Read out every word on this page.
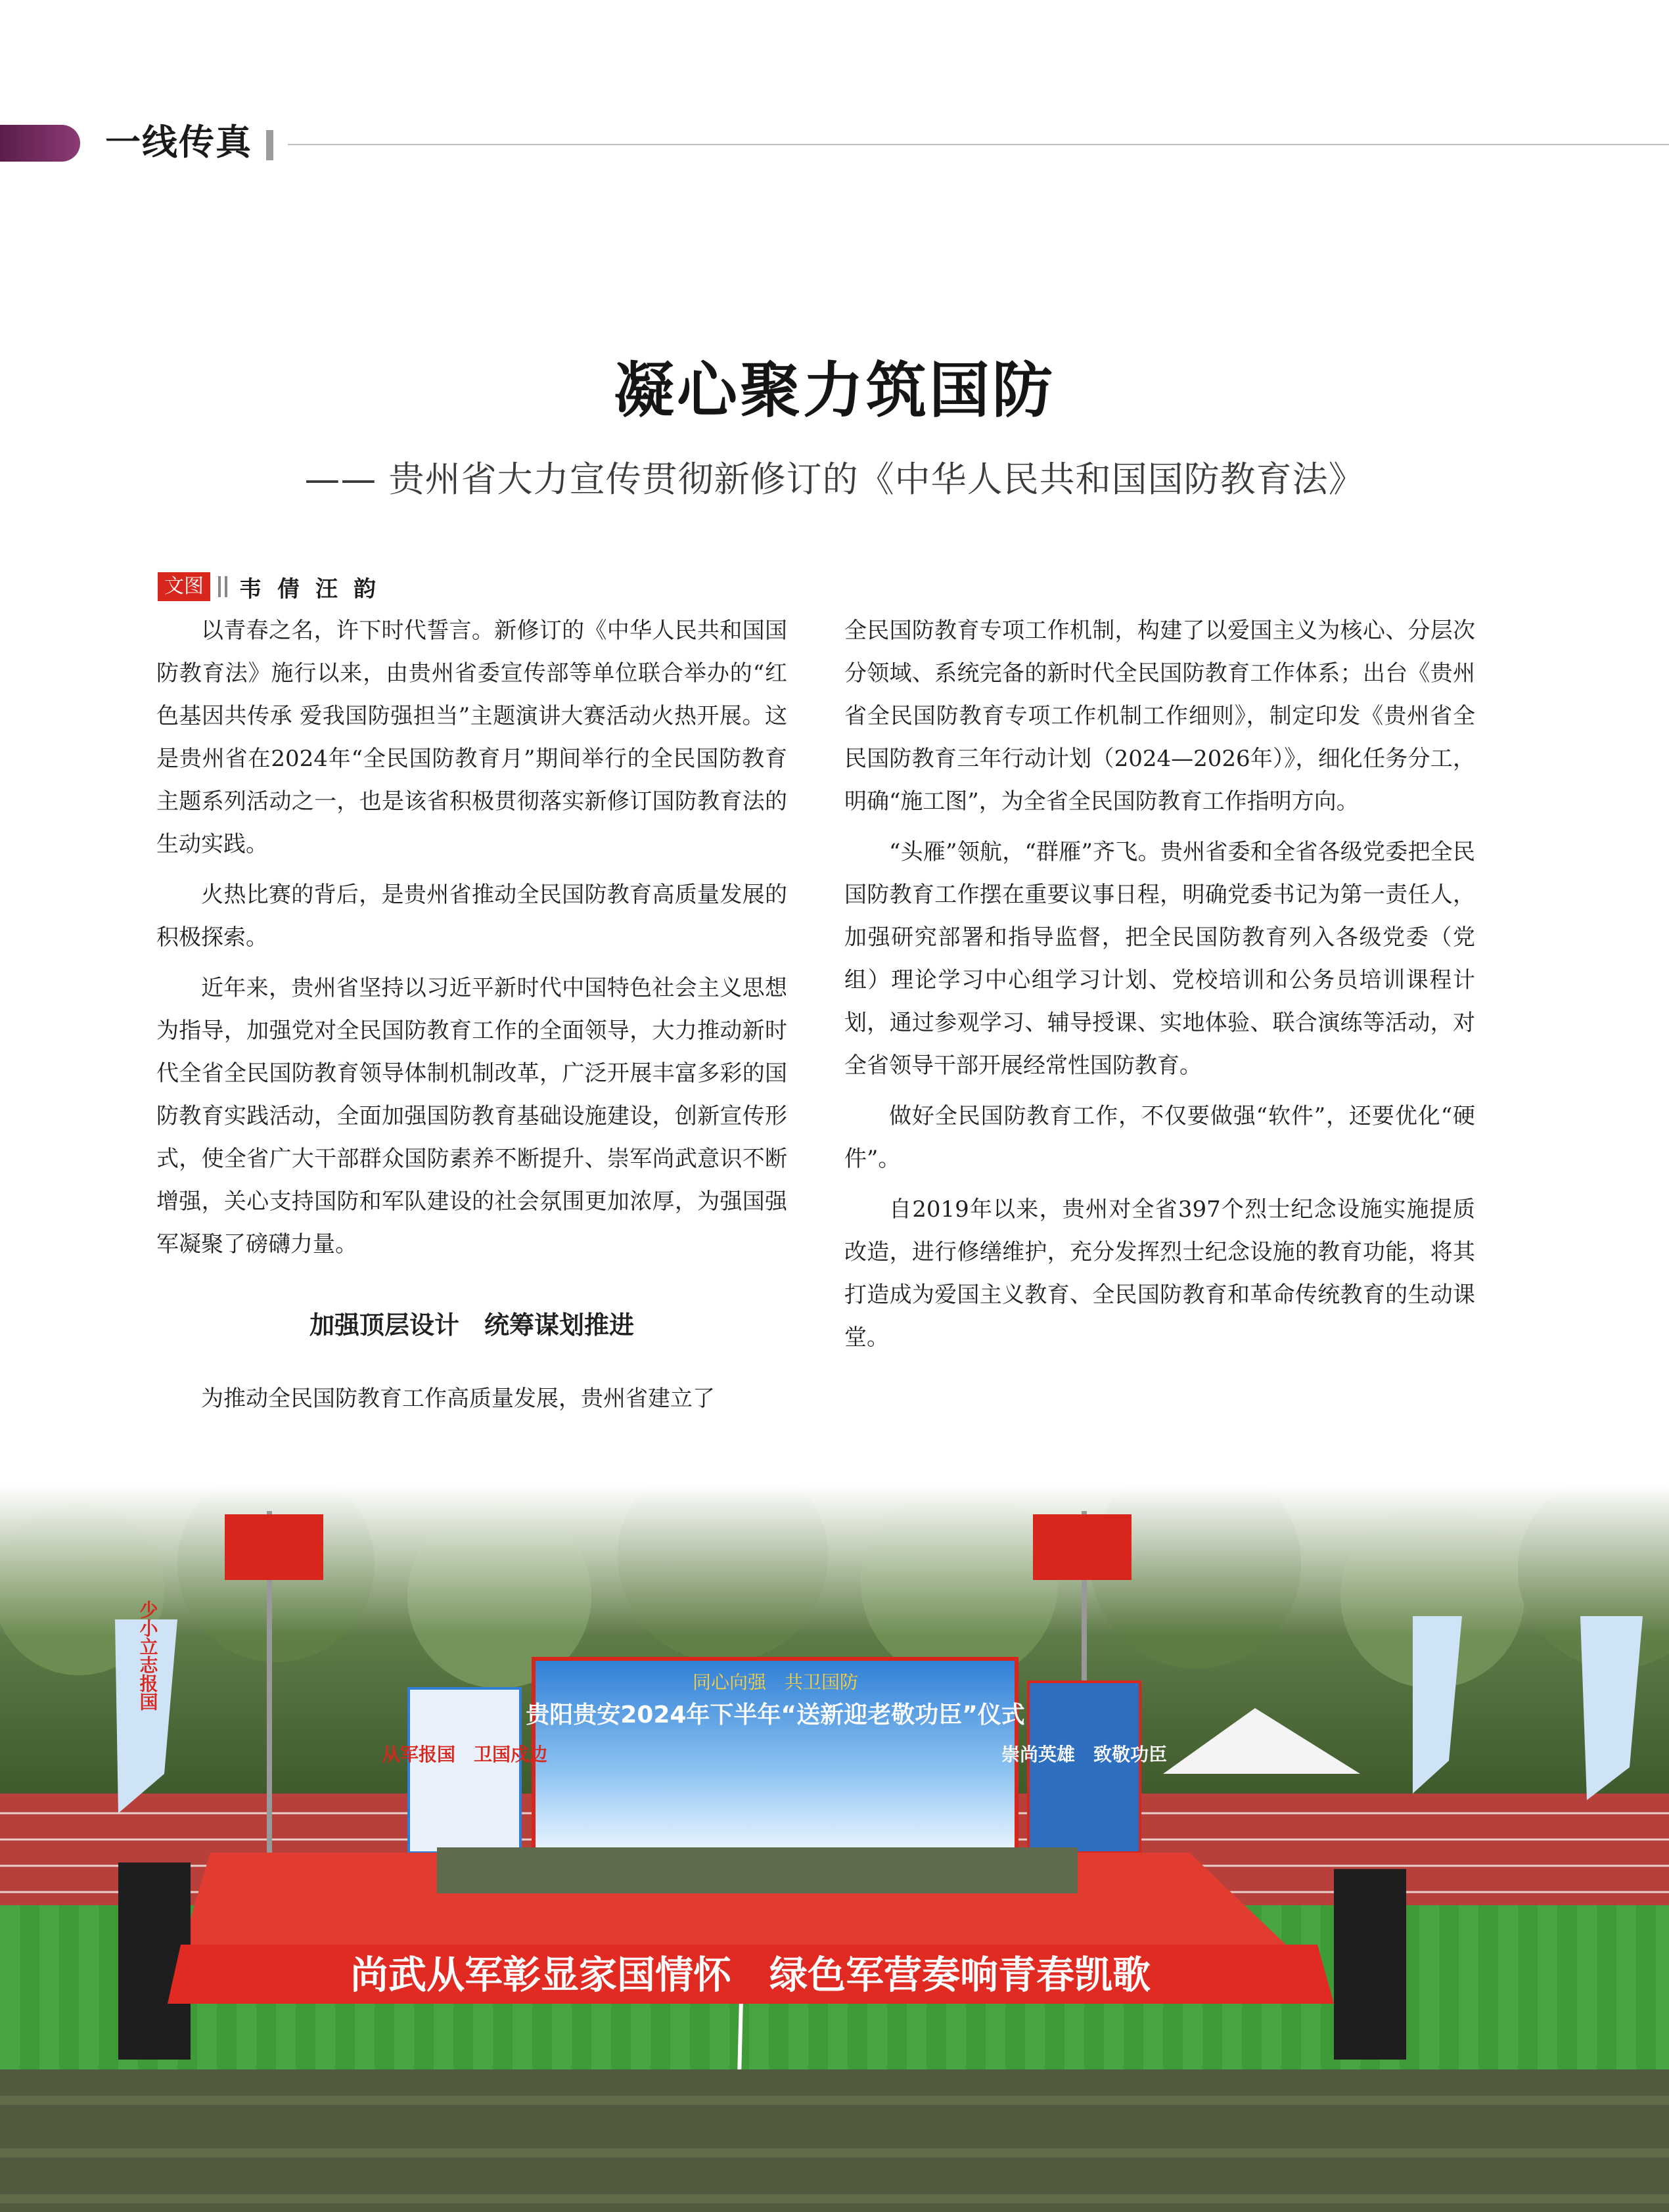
一线传真
凝心聚力筑国防
—— 贵州省大力宣传贯彻新修订的《中华人民共和国国防教育法》
文图 韦倩汪韵

以青春之名，许下时代誓言。新修订的《中华人民共和国国防教育法》施行以来，由贵州省委宣传部等单位联合举办的“红色基因共传承 爱我国防强担当”主题演讲大赛活动火热开展。这是贵州省在2024年“全民国防教育月”期间举行的全民国防教育主题系列活动之一，也是该省积极贯彻落实新修订国防教育法的生动实践。

火热比赛的背后，是贵州省推动全民国防教育高质量发展的积极探索。

近年来，贵州省坚持以习近平新时代中国特色社会主义思想为指导，加强党对全民国防教育工作的全面领导，大力推动新时代全省全民国防教育领导体制机制改革，广泛开展丰富多彩的国防教育实践活动，全面加强国防教育基础设施建设，创新宣传形式，使全省广大干部群众国防素养不断提升、崇军尚武意识不断增强，关心支持国防和军队建设的社会氛围更加浓厚，为强国强军凝聚了磅礴力量。

加强顶层设计　统筹谋划推进

为推动全民国防教育工作高质量发展，贵州省建立了

全民国防教育专项工作机制，构建了以爱国主义为核心、分层次分领域、系统完备的新时代全民国防教育工作体系；出台《贵州省全民国防教育专项工作机制工作细则》，制定印发《贵州省全民国防教育三年行动计划（2024—2026年）》，细化任务分工，明确“施工图”，为全省全民国防教育工作指明方向。

“头雁”领航，“群雁”齐飞。贵州省委和全省各级党委把全民国防教育工作摆在重要议事日程，明确党委书记为第一责任人，加强研究部署和指导监督，把全民国防教育列入各级党委（党组）理论学习中心组学习计划、党校培训和公务员培训课程计划，通过参观学习、辅导授课、实地体验、联合演练等活动，对全省领导干部开展经常性国防教育。

做好全民国防教育工作，不仅要做强“软件”，还要优化“硬件”。

自2019年以来，贵州对全省397个烈士纪念设施实施提质改造，进行修缮维护，充分发挥烈士纪念设施的教育功能，将其打造成为爱国主义教育、全民国防教育和革命传统教育的生动课堂。

少小立志报国	同心向强　共卫国防
贵阳贵安2024年下半年“送新迎老敬功臣”仪式
从军报国　卫国戍边	崇尚英雄　致敬功臣
尚武从军彰显家国情怀　绿色军营奏响青春凯歌
